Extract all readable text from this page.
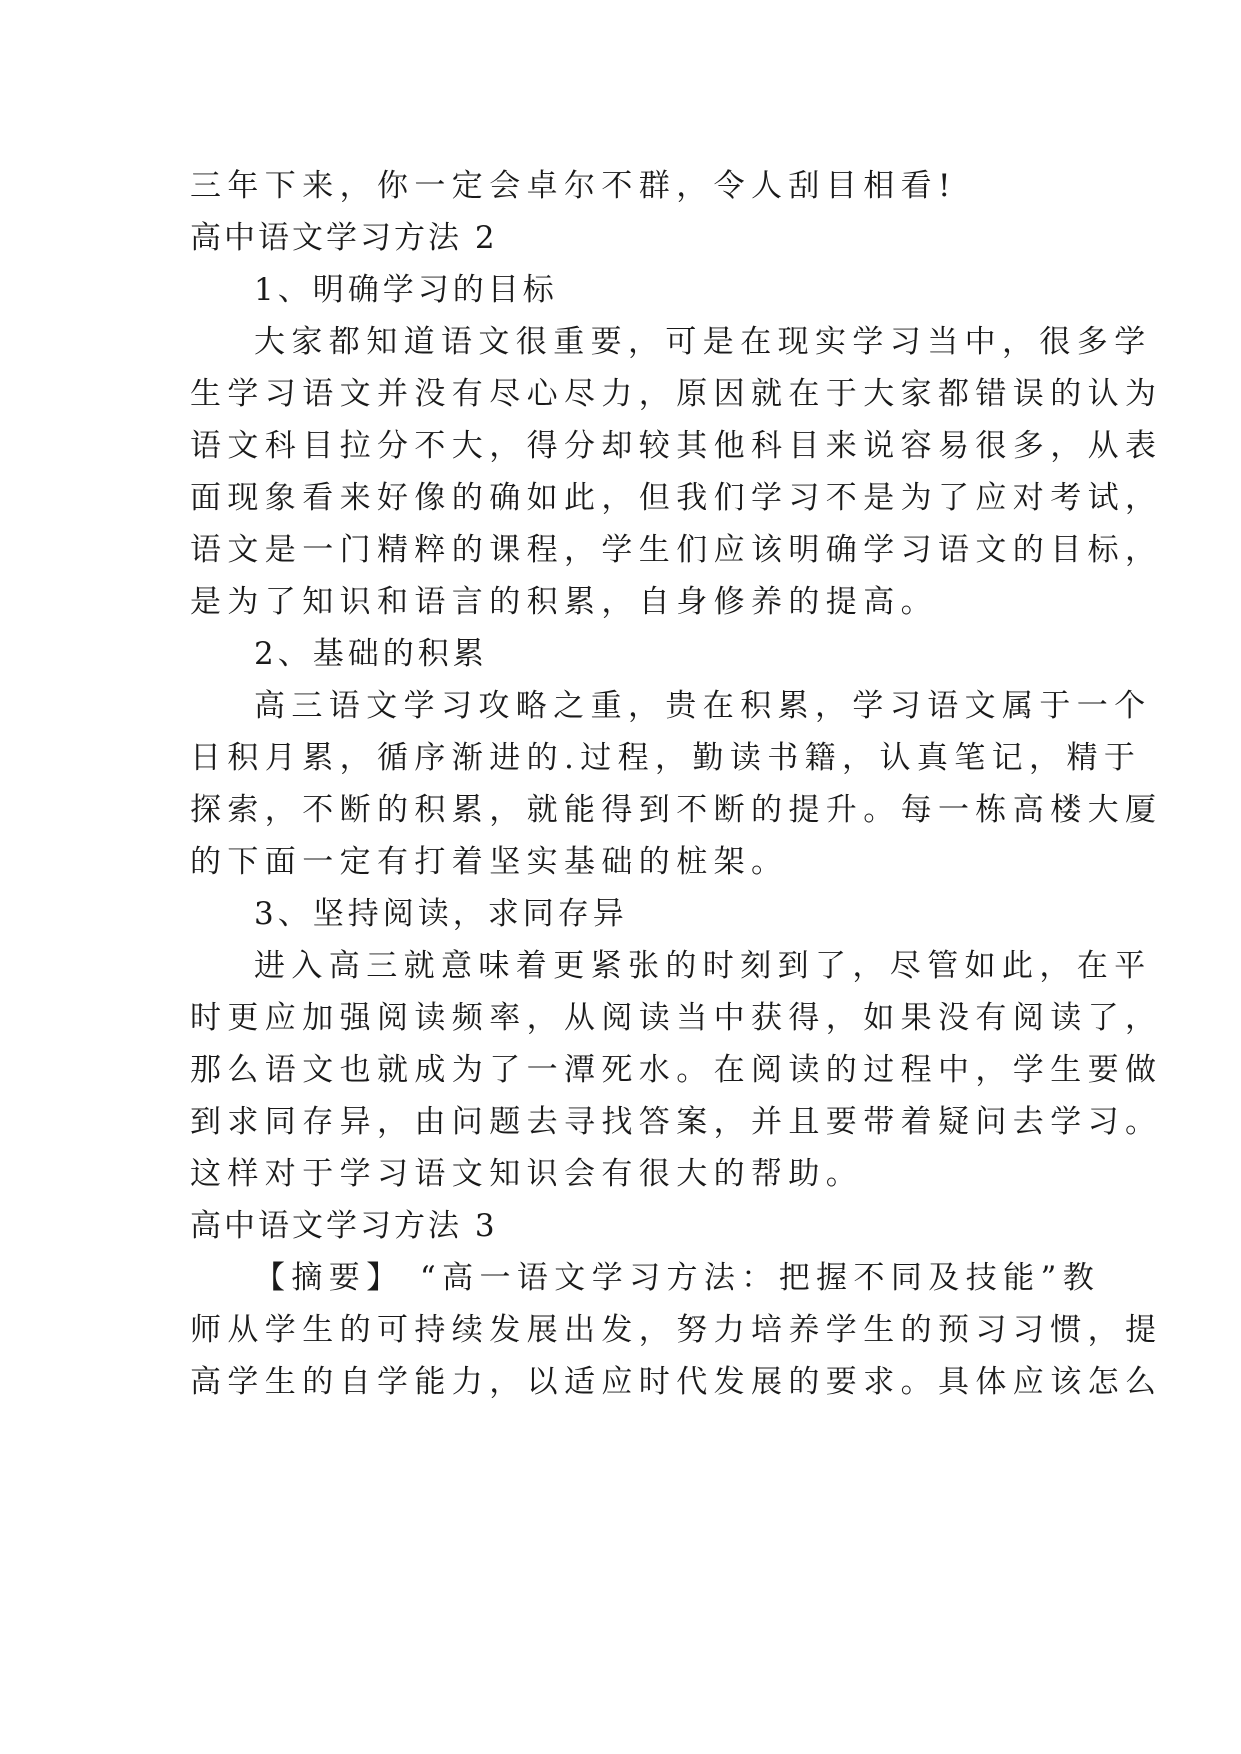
三年下来，你一定会卓尔不群，令人刮目相看!
高中语文学习方法 2
1、明确学习的目标
大家都知道语文很重要，可是在现实学习当中，很多学
生学习语文并没有尽心尽力，原因就在于大家都错误的认为
语文科目拉分不大，得分却较其他科目来说容易很多，从表
面现象看来好像的确如此，但我们学习不是为了应对考试，
语文是一门精粹的课程，学生们应该明确学习语文的目标，
是为了知识和语言的积累，自身修养的提高。
2、基础的积累
高三语文学习攻略之重，贵在积累，学习语文属于一个
日积月累，循序渐进的.过程，勤读书籍，认真笔记，精于
探索，不断的积累，就能得到不断的提升。每一栋高楼大厦
的下面一定有打着坚实基础的桩架。
3、坚持阅读，求同存异
进入高三就意味着更紧张的时刻到了，尽管如此，在平
时更应加强阅读频率，从阅读当中获得，如果没有阅读了，
那么语文也就成为了一潭死水。在阅读的过程中，学生要做
到求同存异，由问题去寻找答案，并且要带着疑问去学习。
这样对于学习语文知识会有很大的帮助。
高中语文学习方法 3
【摘要】 “高一语文学习方法：把握不同及技能”教
师从学生的可持续发展出发，努力培养学生的预习习惯，提
高学生的自学能力，以适应时代发展的要求。具体应该怎么
